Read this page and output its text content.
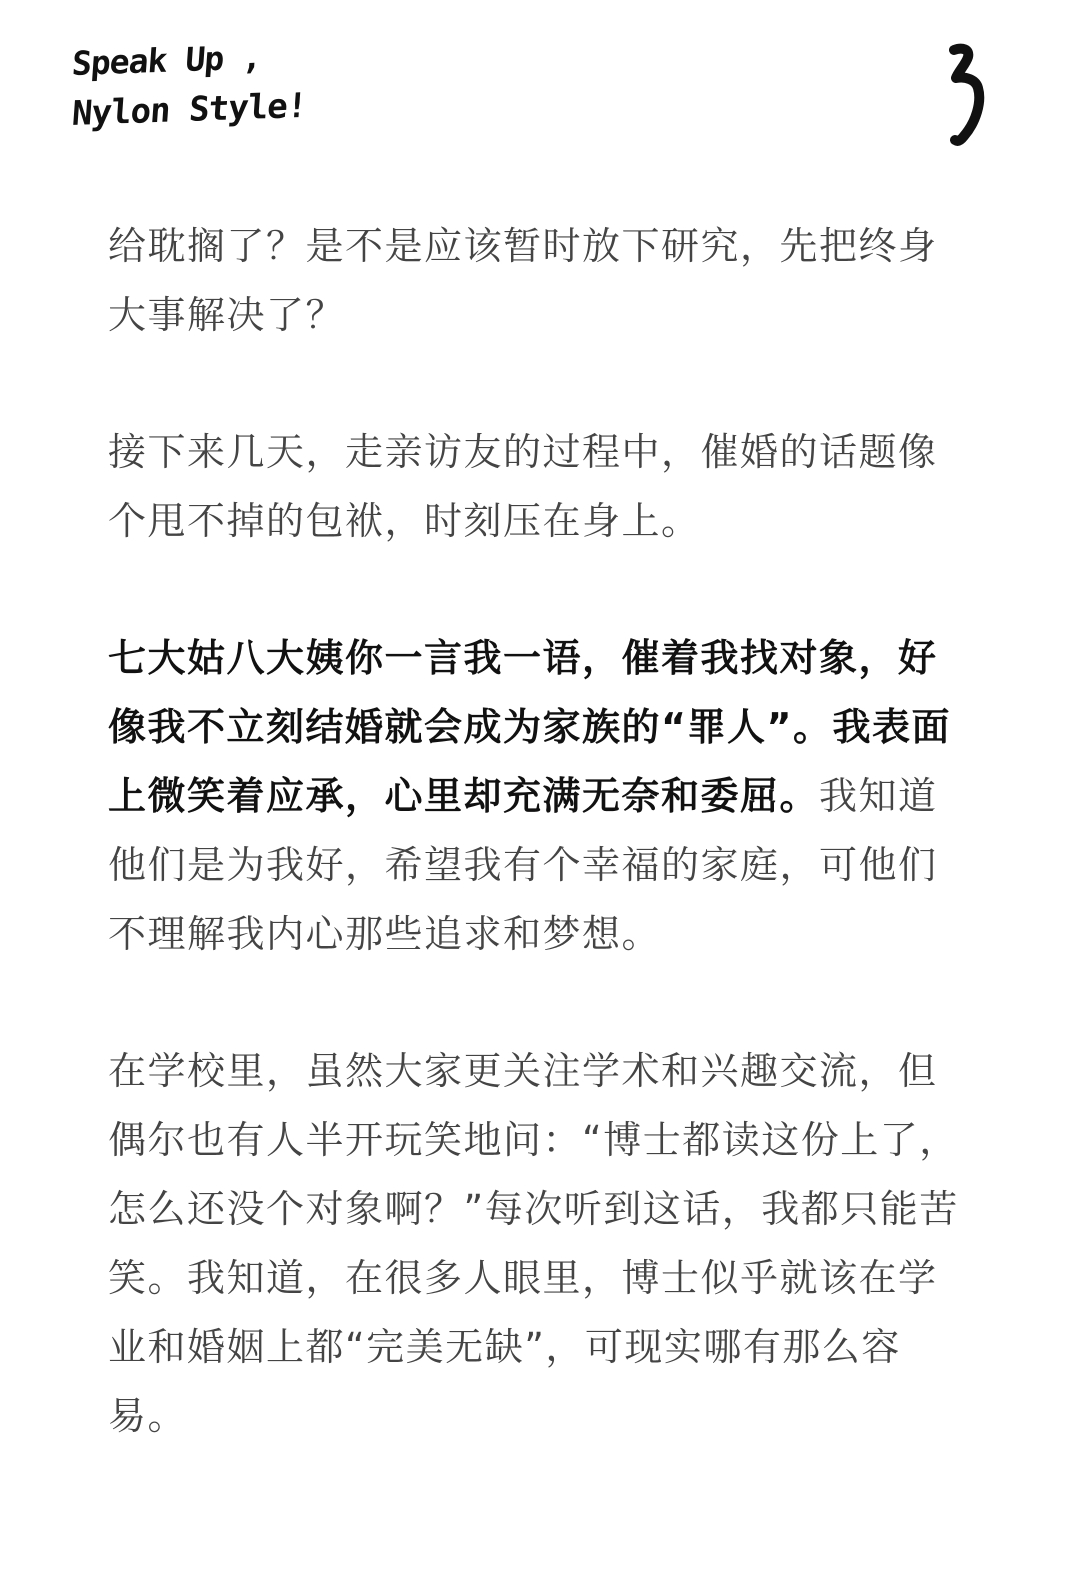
Speak Up ,
Nylon Style!

给耽搁了？是不是应该暂时放下研究，先把终身大事解决了？

接下来几天，走亲访友的过程中，催婚的话题像个甩不掉的包袱，时刻压在身上。

七大姑八大姨你一言我一语，催着我找对象，好像我不立刻结婚就会成为家族的“罪人”。我表面上微笑着应承，心里却充满无奈和委屈。我知道他们是为我好，希望我有个幸福的家庭，可他们不理解我内心那些追求和梦想。

在学校里，虽然大家更关注学术和兴趣交流，但偶尔也有人半开玩笑地问：“博士都读这份上了，怎么还没个对象啊？”每次听到这话，我都只能苦笑。我知道，在很多人眼里，博士似乎就该在学业和婚姻上都“完美无缺”，可现实哪有那么容易。
